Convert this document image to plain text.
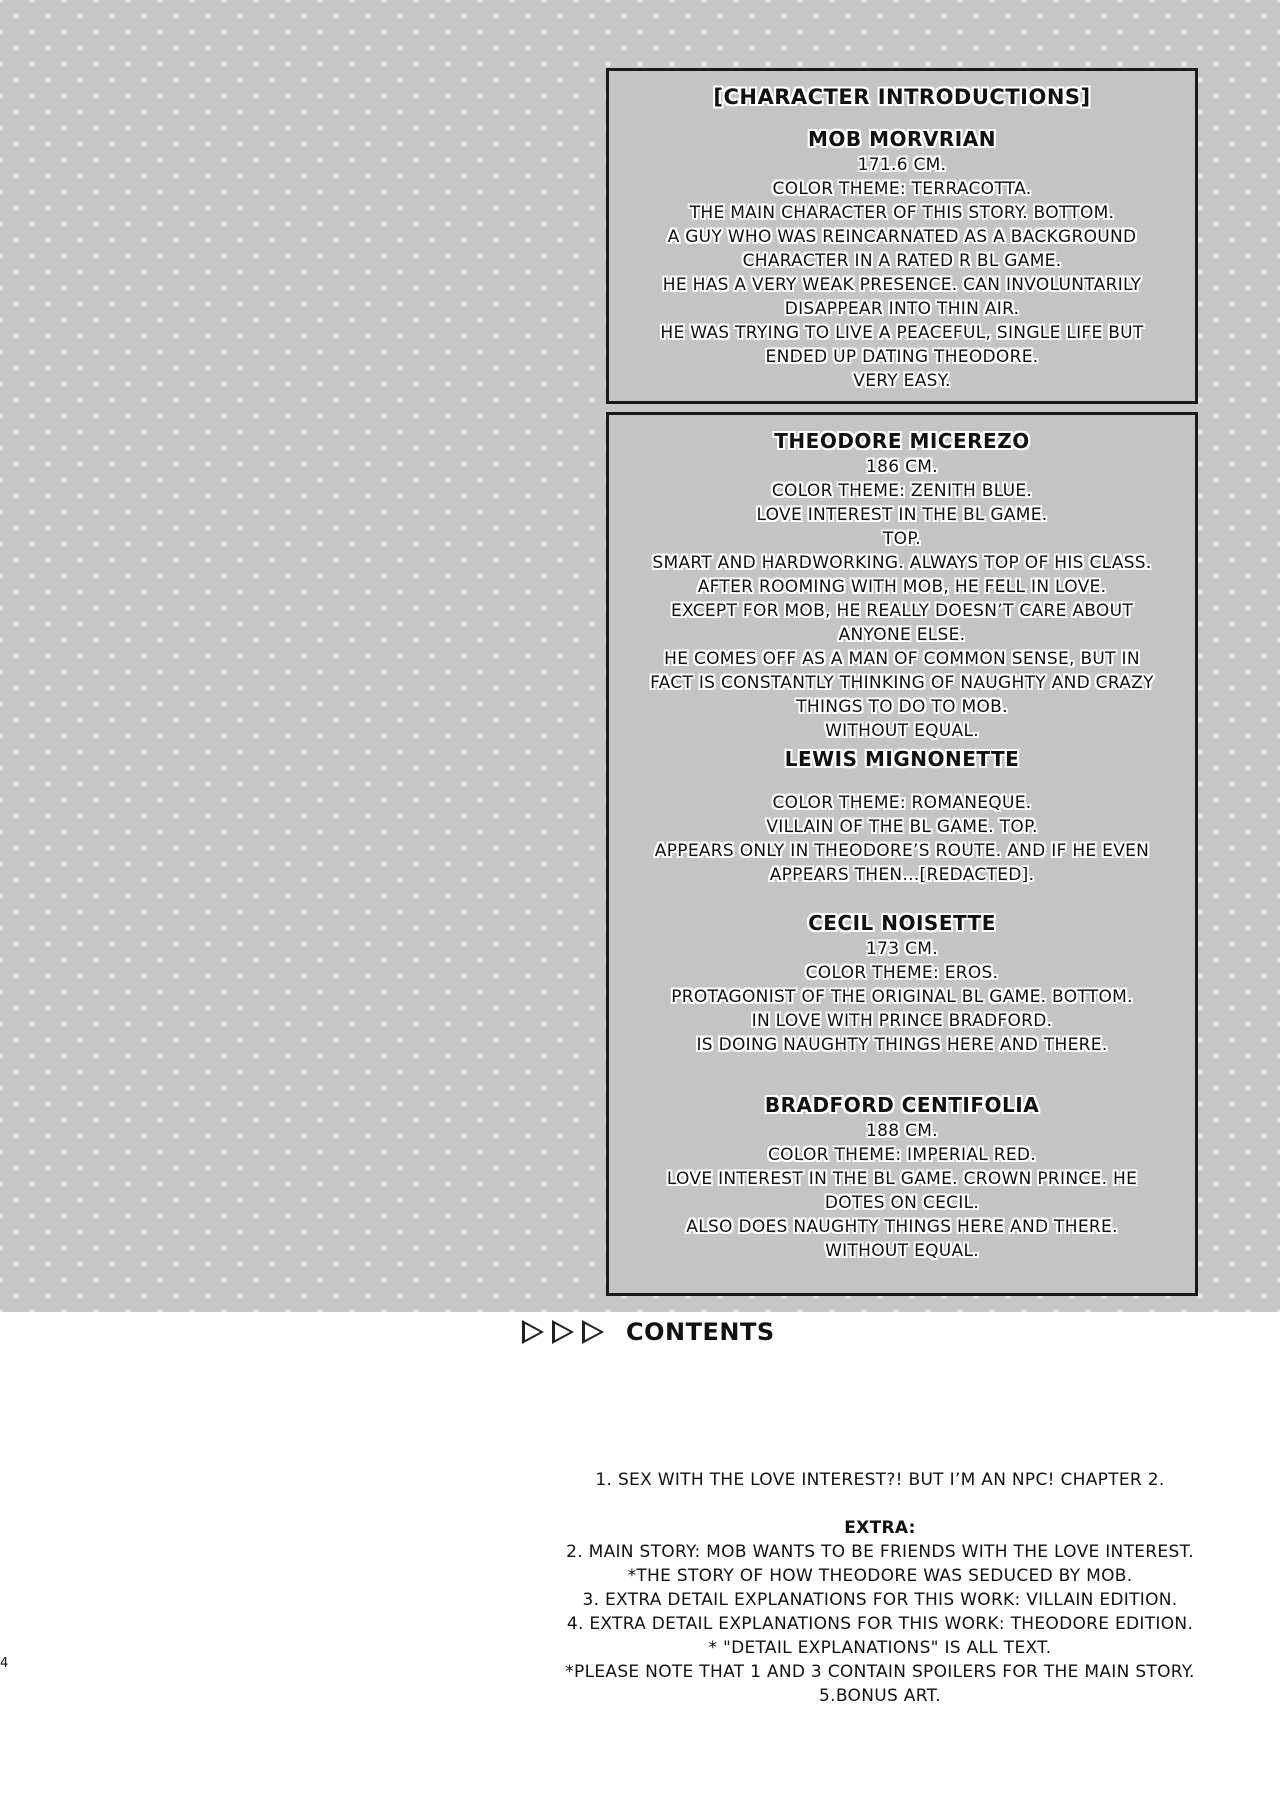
[CHARACTER INTRODUCTIONS]
MOB MORVRIAN
171.6 CM.
COLOR THEME: TERRACOTTA.
THE MAIN CHARACTER OF THIS STORY. BOTTOM.
A GUY WHO WAS REINCARNATED AS A BACKGROUND
CHARACTER IN A RATED R BL GAME.
HE HAS A VERY WEAK PRESENCE. CAN INVOLUNTARILY
DISAPPEAR INTO THIN AIR.
HE WAS TRYING TO LIVE A PEACEFUL, SINGLE LIFE BUT
ENDED UP DATING THEODORE.
VERY EASY.
THEODORE MICEREZO
186 CM.
COLOR THEME: ZENITH BLUE.
LOVE INTEREST IN THE BL GAME.
TOP.
SMART AND HARDWORKING. ALWAYS TOP OF HIS CLASS.
AFTER ROOMING WITH MOB, HE FELL IN LOVE.
EXCEPT FOR MOB, HE REALLY DOESN’T CARE ABOUT
ANYONE ELSE.
HE COMES OFF AS A MAN OF COMMON SENSE, BUT IN
FACT IS CONSTANTLY THINKING OF NAUGHTY AND CRAZY
THINGS TO DO TO MOB.
WITHOUT EQUAL.
LEWIS MIGNONETTE
COLOR THEME: ROMANEQUE.
VILLAIN OF THE BL GAME. TOP.
APPEARS ONLY IN THEODORE’S ROUTE. AND IF HE EVEN
APPEARS THEN...[REDACTED].
CECIL NOISETTE
173 CM.
COLOR THEME: EROS.
PROTAGONIST OF THE ORIGINAL BL GAME. BOTTOM.
IN LOVE WITH PRINCE BRADFORD.
IS DOING NAUGHTY THINGS HERE AND THERE.
BRADFORD CENTIFOLIA
188 CM.
COLOR THEME: IMPERIAL RED.
LOVE INTEREST IN THE BL GAME. CROWN PRINCE. HE
DOTES ON CECIL.
ALSO DOES NAUGHTY THINGS HERE AND THERE.
WITHOUT EQUAL.
CONTENTS
1. SEX WITH THE LOVE INTEREST?! BUT I’M AN NPC! CHAPTER 2.
EXTRA:
2. MAIN STORY: MOB WANTS TO BE FRIENDS WITH THE LOVE INTEREST.
*THE STORY OF HOW THEODORE WAS SEDUCED BY MOB.
3. EXTRA DETAIL EXPLANATIONS FOR THIS WORK: VILLAIN EDITION.
4. EXTRA DETAIL EXPLANATIONS FOR THIS WORK: THEODORE EDITION.
* "DETAIL EXPLANATIONS" IS ALL TEXT.
*PLEASE NOTE THAT 1 AND 3 CONTAIN SPOILERS FOR THE MAIN STORY.
5.BONUS ART.
4
